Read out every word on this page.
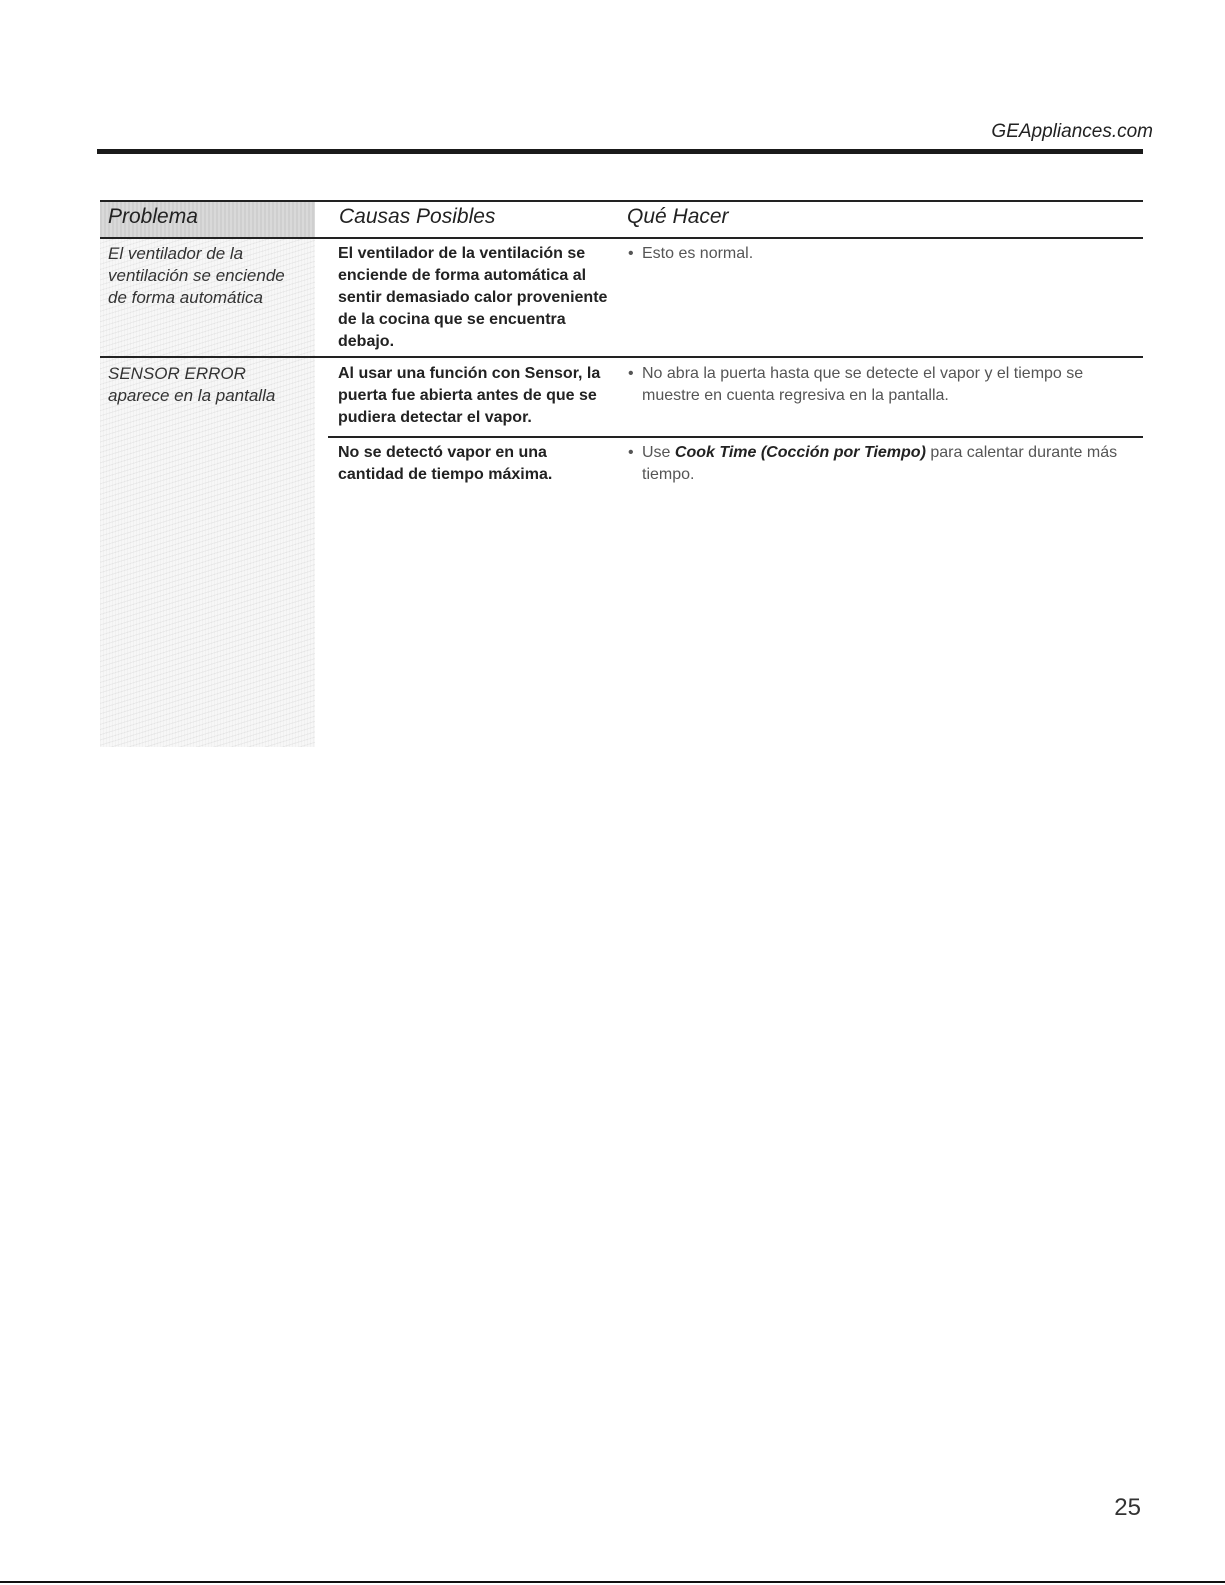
GEAppliances.com
Problema	Causas Posibles	Qué Hacer
El ventilador de la ventilación se enciende de forma automática
El ventilador de la ventilación se enciende de forma automática al sentir demasiado calor proveniente de la cocina que se encuentra debajo.
• Esto es normal.
SENSOR ERROR aparece en la pantalla
Al usar una función con Sensor, la puerta fue abierta antes de que se pudiera detectar el vapor.
• No abra la puerta hasta que se detecte el vapor y el tiempo se muestre en cuenta regresiva en la pantalla.
No se detectó vapor en una cantidad de tiempo máxima.
• Use Cook Time (Cocción por Tiempo) para calentar durante más tiempo.
25
